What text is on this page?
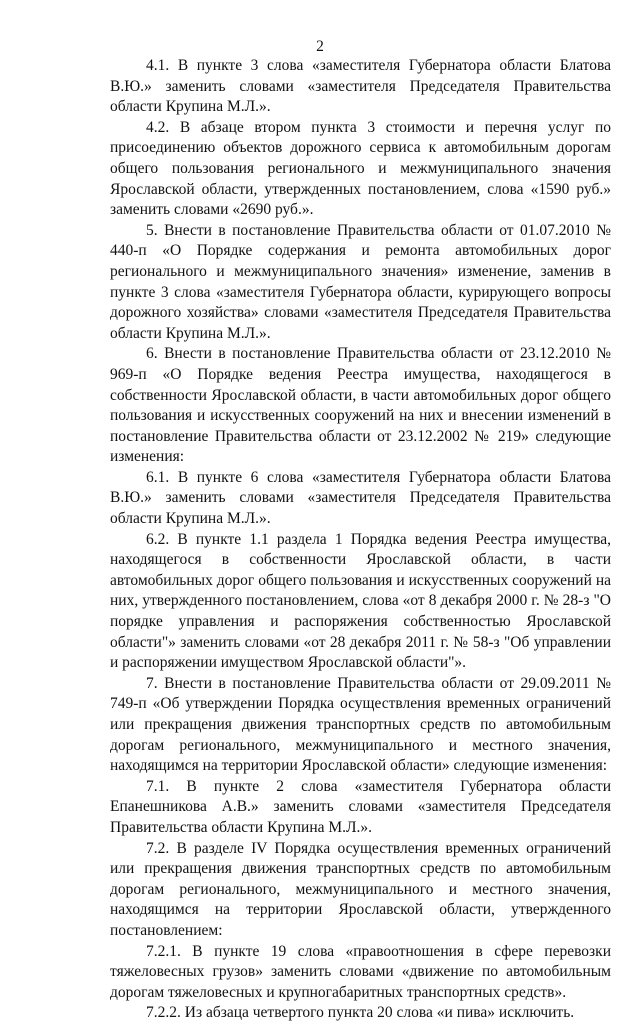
2

4.1. В пункте 3 слова «заместителя Губернатора области Блатова В.Ю.» заменить словами «заместителя Председателя Правительства области Крупина М.Л.».

4.2. В абзаце втором пункта 3 стоимости и перечня услуг по присоединению объектов дорожного сервиса к автомобильным дорогам общего пользования регионального и межмуниципального значения Ярославской области, утвержденных постановлением, слова «1590 руб.» заменить словами «2690 руб.».

5. Внести в постановление Правительства области от 01.07.2010 № 440-п «О Порядке содержания и ремонта автомобильных дорог регионального и межмуниципального значения» изменение, заменив в пункте 3 слова «заместителя Губернатора области, курирующего вопросы дорожного хозяйства» словами «заместителя Председателя Правительства области Крупина М.Л.».

6. Внести в постановление Правительства области от 23.12.2010 № 969-п «О Порядке ведения Реестра имущества, находящегося в собственности Ярославской области, в части автомобильных дорог общего пользования и искусственных сооружений на них и внесении изменений в постановление Правительства области от 23.12.2002 № 219» следующие изменения:

6.1. В пункте 6 слова «заместителя Губернатора области Блатова В.Ю.» заменить словами «заместителя Председателя Правительства области Крупина М.Л.».

6.2. В пункте 1.1 раздела 1 Порядка ведения Реестра имущества, находящегося в собственности Ярославской области, в части автомобильных дорог общего пользования и искусственных сооружений на них, утвержденного постановлением, слова «от 8 декабря 2000 г. № 28-з "О порядке управления и распоряжения собственностью Ярославской области"» заменить словами «от 28 декабря 2011 г. № 58-з "Об управлении и распоряжении имуществом Ярославской области"».

7. Внести в постановление Правительства области от 29.09.2011 № 749-п «Об утверждении Порядка осуществления временных ограничений или прекращения движения транспортных средств по автомобильным дорогам регионального, межмуниципального и местного значения, находящимся на территории Ярославской области» следующие изменения:

7.1. В пункте 2 слова «заместителя Губернатора области Епанешникова А.В.» заменить словами «заместителя Председателя Правительства области Крупина М.Л.».

7.2. В разделе IV Порядка осуществления временных ограничений или прекращения движения транспортных средств по автомобильным дорогам регионального, межмуниципального и местного значения, находящимся на территории Ярославской области, утвержденного постановлением:

7.2.1. В пункте 19 слова «правоотношения в сфере перевозки тяжеловесных грузов» заменить словами «движение по автомобильным дорогам тяжеловесных и крупногабаритных транспортных средств».

7.2.2. Из абзаца четвертого пункта 20 слова «и пива» исключить.
